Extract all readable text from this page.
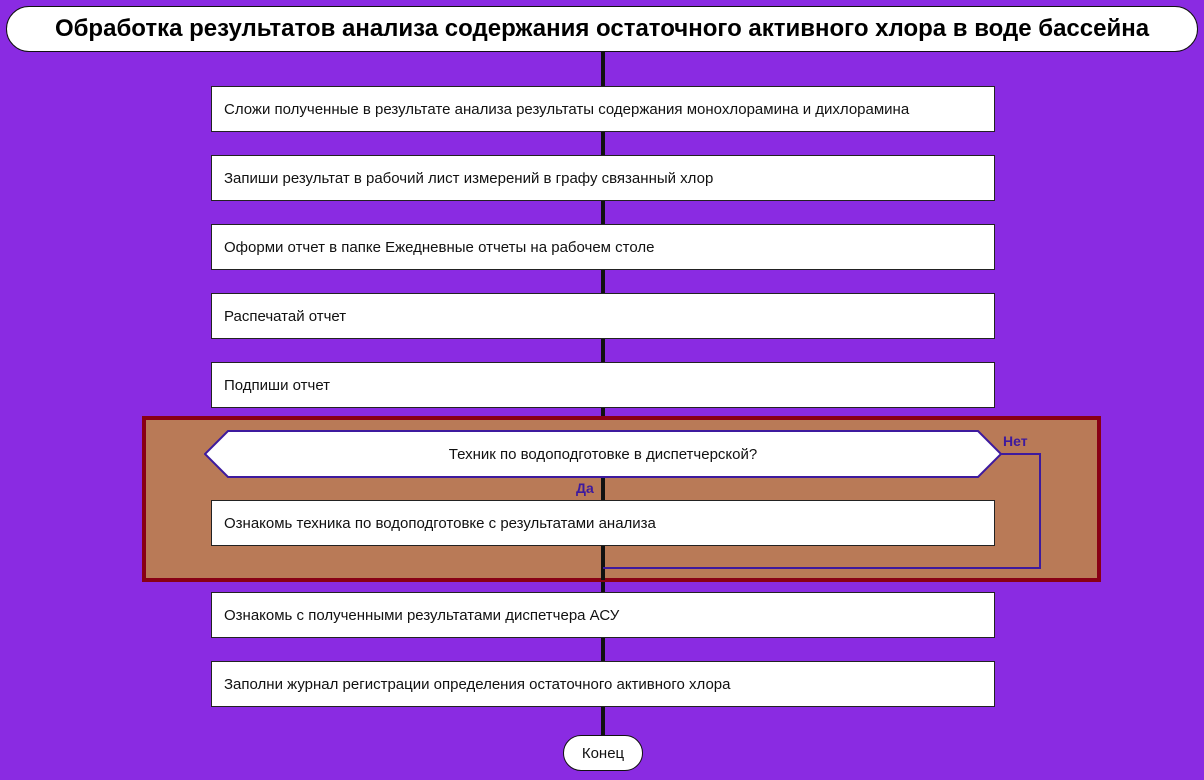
Обработка результатов анализа содержания остаточного активного хлора в воде бассейна
Сложи полученные в результате анализа результаты содержания монохлорамина и дихлорамина
Запиши результат в рабочий лист измерений в графу связанный хлор
Оформи отчет в папке Ежедневные отчеты на рабочем столе
Распечатай отчет
Подпиши отчет
Техник по водоподготовке в диспетчерской?
Нет
Да
Ознакомь техника по водоподготовке с результатами анализа
Ознакомь с полученными результатами диспетчера АСУ
Заполни журнал регистрации определения остаточного активного хлора
Конец
